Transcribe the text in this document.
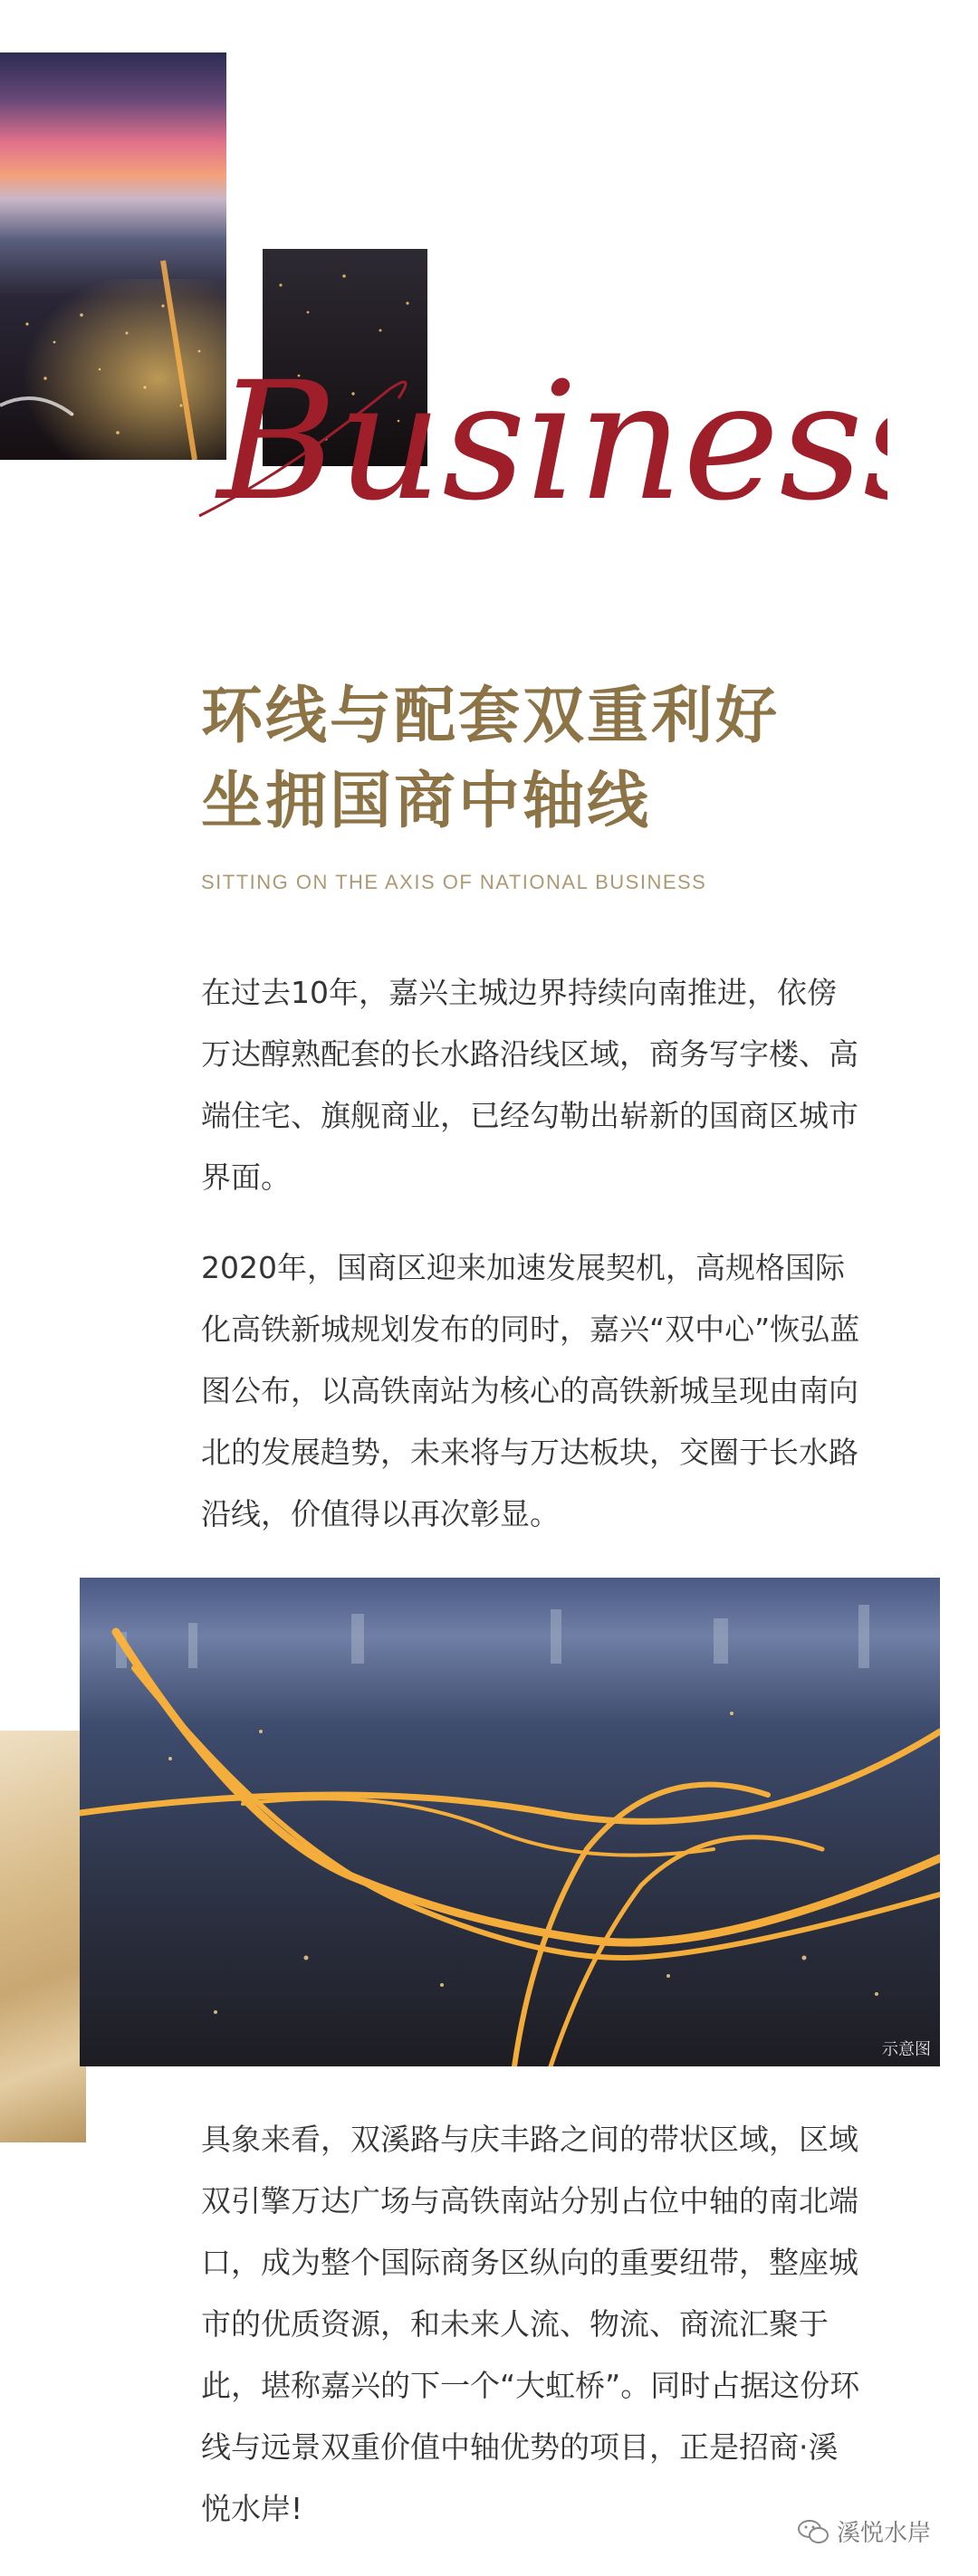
Business
环线与配套双重利好
坐拥国商中轴线
SITTING ON THE AXIS OF NATIONAL BUSINESS
在过去10年，嘉兴主城边界持续向南推进，依傍
万达醇熟配套的长水路沿线区域，商务写字楼、高
端住宅、旗舰商业，已经勾勒出崭新的国商区城市
界面。
2020年，国商区迎来加速发展契机，高规格国际
化高铁新城规划发布的同时，嘉兴“双中心”恢弘蓝
图公布，以高铁南站为核心的高铁新城呈现由南向
北的发展趋势，未来将与万达板块，交圈于长水路
沿线，价值得以再次彰显。
示意图
具象来看，双溪路与庆丰路之间的带状区域，区域
双引擎万达广场与高铁南站分别占位中轴的南北端
口，成为整个国际商务区纵向的重要纽带，整座城
市的优质资源，和未来人流、物流、商流汇聚于
此，堪称嘉兴的下一个“大虹桥”。同时占据这份环
线与远景双重价值中轴优势的项目，正是招商·溪
悦水岸!
溪悦水岸
